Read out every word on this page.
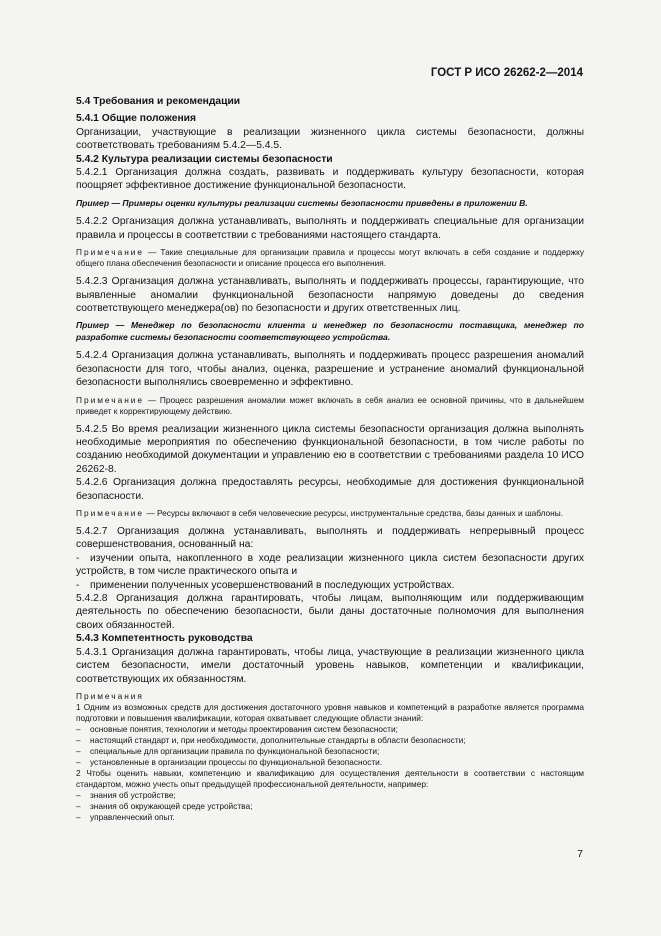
ГОСТ Р ИСО 26262-2—2014

5.4 Требования и рекомендации

5.4.1 Общие положения

Организации, участвующие в реализации жизненного цикла системы безопасности, должны соответствовать требованиям 5.4.2—5.4.5.

5.4.2 Культура реализации системы безопасности

5.4.2.1 Организация должна создать, развивать и поддерживать культуру безопасности, которая поощряет эффективное достижение функциональной безопасности.

Пример — Примеры оценки культуры реализации системы безопасности приведены в приложении В.

5.4.2.2 Организация должна устанавливать, выполнять и поддерживать специальные для организации правила и процессы в соответствии с требованиями настоящего стандарта.

Примечание — Такие специальные для организации правила и процессы могут включать в себя создание и поддержку общего плана обеспечения безопасности и описание процесса его выполнения.

5.4.2.3 Организация должна устанавливать, выполнять и поддерживать процессы, гарантирующие, что выявленные аномалии функциональной безопасности напрямую доведены до сведения соответствующего менеджера(ов) по безопасности и других ответственных лиц.

Пример — Менеджер по безопасности клиента и менеджер по безопасности поставщика, менеджер по разработке системы безопасности соответствующего устройства.

5.4.2.4 Организация должна устанавливать, выполнять и поддерживать процесс разрешения аномалий безопасности для того, чтобы анализ, оценка, разрешение и устранение аномалий функциональной безопасности выполнялись своевременно и эффективно.

Примечание — Процесс разрешения аномалии может включать в себя анализ ее основной причины, что в дальнейшем приведет к корректирующему действию.

5.4.2.5 Во время реализации жизненного цикла системы безопасности организация должна выполнять необходимые мероприятия по обеспечению функциональной безопасности, в том числе работы по созданию необходимой документации и управлению ею в соответствии с требованиями раздела 10 ИСО 26262-8.

5.4.2.6 Организация должна предоставлять ресурсы, необходимые для достижения функциональной безопасности.

Примечание — Ресурсы включают в себя человеческие ресурсы, инструментальные средства, базы данных и шаблоны.

5.4.2.7 Организация должна устанавливать, выполнять и поддерживать непрерывный процесс совершенствования, основанный на:

- изучении опыта, накопленного в ходе реализации жизненного цикла систем безопасности других устройств, в том числе практического опыта и

- применении полученных усовершенствований в последующих устройствах.

5.4.2.8 Организация должна гарантировать, чтобы лицам, выполняющим или поддерживающим деятельность по обеспечению безопасности, были даны достаточные полномочия для выполнения своих обязанностей.

5.4.3 Компетентность руководства

5.4.3.1 Организация должна гарантировать, чтобы лица, участвующие в реализации жизненного цикла систем безопасности, имели достаточный уровень навыков, компетенции и квалификации, соответствующих их обязанностям.

Примечания

1 Одним из возможных средств для достижения достаточного уровня навыков и компетенций в разработке является программа подготовки и повышения квалификации, которая охватывает следующие области знаний:

– основные понятия, технологии и методы проектирования систем безопасности;

– настоящий стандарт и, при необходимости, дополнительные стандарты в области безопасности;

– специальные для организации правила по функциональной безопасности;

– установленные в организации процессы по функциональной безопасности.

2 Чтобы оценить навыки, компетенцию и квалификацию для осуществления деятельности в соответствии с настоящим стандартом, можно учесть опыт предыдущей профессиональной деятельности, например:

– знания об устройстве;

– знания об окружающей среде устройства;

– управленческий опыт.

7
